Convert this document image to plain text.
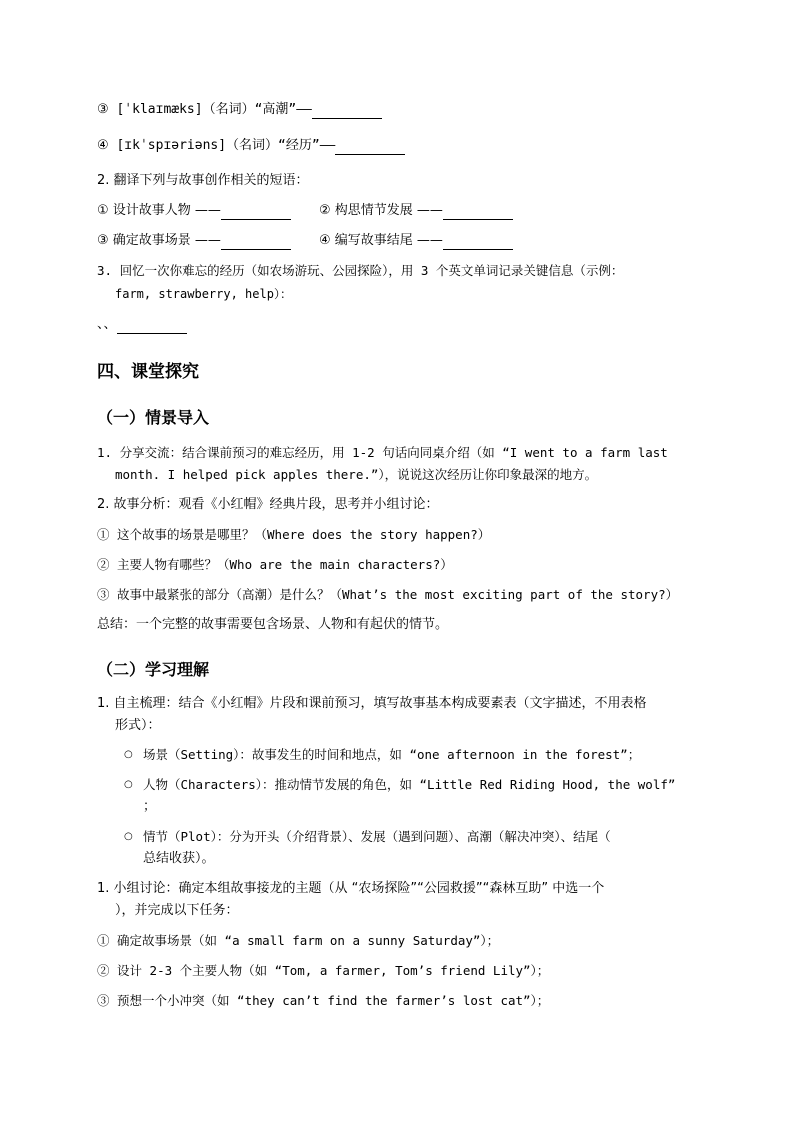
③ [ˈklaɪmæks]（名词）“高潮”——
④ [ɪkˈspɪəriəns]（名词）“经历”——
2. 翻译下列与故事创作相关的短语：
① 设计故事人物 ——	② 构思情节发展 ——
③ 确定故事场景 ——	④ 编写故事结尾 ——
3. 回忆一次你难忘的经历（如农场游玩、公园探险），用 3 个英文单词记录关键信息（示例：
farm, strawberry, help）：
、、
四、课堂探究
（一）情景导入
1. 分享交流：结合课前预习的难忘经历，用 1-2 句话向同桌介绍（如 “I went to a farm last
month. I helped pick apples there.”），说说这次经历让你印象最深的地方。
2. 故事分析：观看《小红帽》经典片段，思考并小组讨论：
① 这个故事的场景是哪里？（Where does the story happen?）
② 主要人物有哪些？（Who are the main characters?）
③ 故事中最紧张的部分（高潮）是什么？（What’s the most exciting part of the story?）
总结：一个完整的故事需要包含场景、人物和有起伏的情节。
（二）学习理解
1. 自主梳理：结合《小红帽》片段和课前预习，填写故事基本构成要素表（文字描述，不用表格
形式）：
○ 场景（Setting）：故事发生的时间和地点，如 “one afternoon in the forest”；
○ 人物（Characters）：推动情节发展的角色，如 “Little Red Riding Hood, the wolf”
；
○ 情节（Plot）：分为开头（介绍背景）、发展（遇到问题）、高潮（解决冲突）、结尾（
总结收获）。
1. 小组讨论：确定本组故事接龙的主题（从 “农场探险”“公园救援”“森林互助” 中选一个
），并完成以下任务：
① 确定故事场景（如 “a small farm on a sunny Saturday”）；
② 设计 2-3 个主要人物（如 “Tom, a farmer, Tom’s friend Lily”）；
③ 预想一个小冲突（如 “they can’t find the farmer’s lost cat”）；
